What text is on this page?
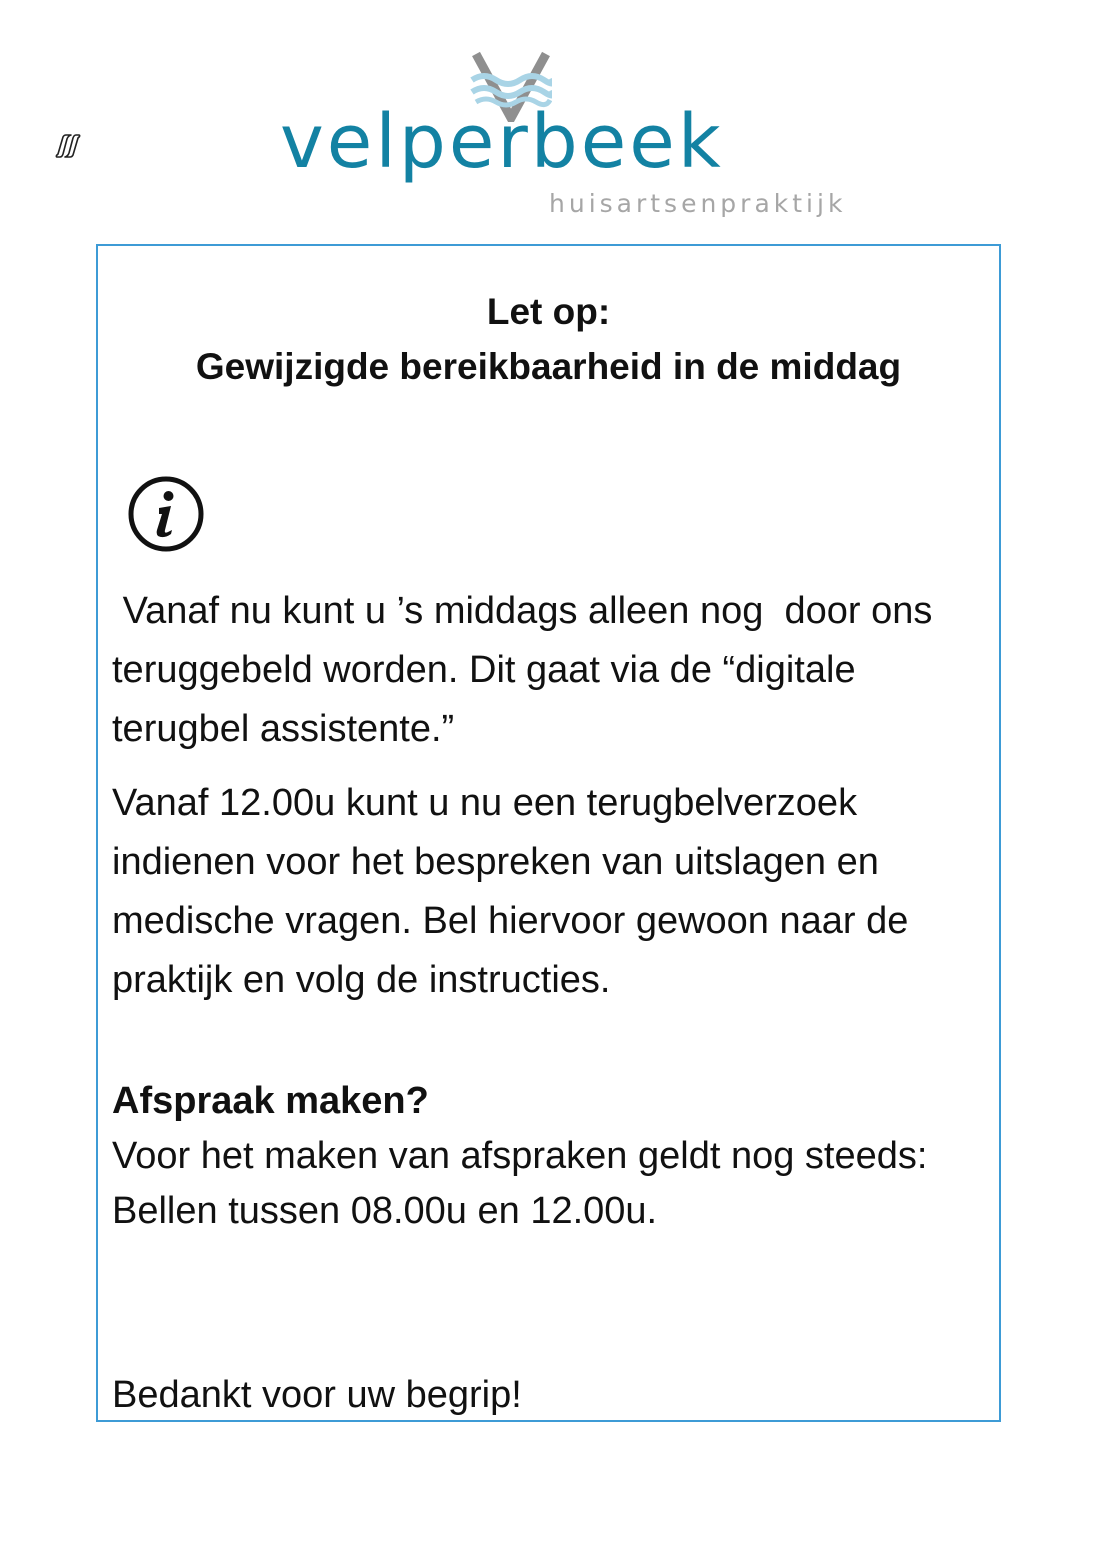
velperbeek
huisartsenpraktijk
Let op:
Gewijzigde bereikbaarheid in de middag

Vanaf nu kunt u ’s middags alleen nog  door ons teruggebeld worden. Dit gaat via de “digitale terugbel assistente.”

Vanaf 12.00u kunt u nu een terugbelverzoek indienen voor het bespreken van uitslagen en medische vragen. Bel hiervoor gewoon naar de praktijk en volg de instructies.

Afspraak maken?
Voor het maken van afspraken geldt nog steeds:
Bellen tussen 08.00u en 12.00u.
Bedankt voor uw begrip!
